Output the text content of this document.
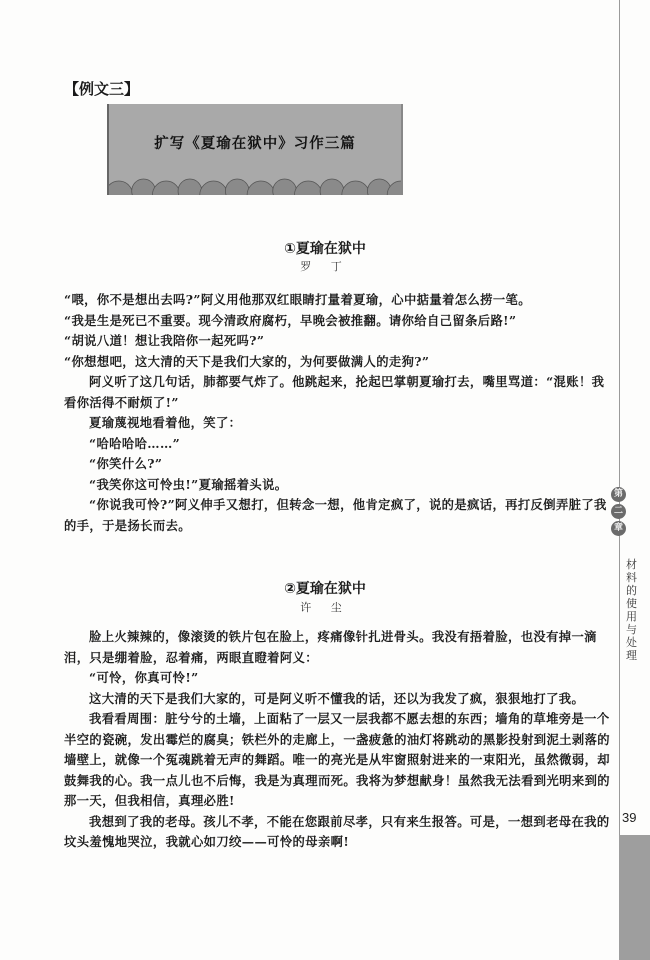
39
第
二
章
材料的使用与处理
【例文三】
扩写《夏瑜在狱中》习作三篇
①夏瑜在狱中
罗 丁

“喂，你不是想出去吗?”阿义用他那双红眼睛打量着夏瑜，心中掂量着怎么捞一笔。

“我是生是死已不重要。现今清政府腐朽，早晚会被推翻。请你给自己留条后路!”

“胡说八道！想让我陪你一起死吗?”

“你想想吧，这大清的天下是我们大家的，为何要做满人的走狗?”

阿义听了这几句话，肺都要气炸了。他跳起来，抡起巴掌朝夏瑜打去，嘴里骂道：“混账！我看你活得不耐烦了!”

夏瑜蔑视地看着他，笑了：

“哈哈哈哈……”

“你笑什么?”

“我笑你这可怜虫!”夏瑜摇着头说。

“你说我可怜?”阿义伸手又想打，但转念一想，他肯定疯了，说的是疯话，再打反倒弄脏了我的手，于是扬长而去。

②夏瑜在狱中
许 尘

脸上火辣辣的，像滚烫的铁片包在脸上，疼痛像针扎进骨头。我没有捂着脸，也没有掉一滴泪，只是绷着脸，忍着痛，两眼直瞪着阿义：

“可怜，你真可怜!”

这大清的天下是我们大家的，可是阿义听不懂我的话，还以为我发了疯，狠狠地打了我。

我看看周围：脏兮兮的土墙，上面粘了一层又一层我都不愿去想的东西；墙角的草堆旁是一个半空的瓷碗，发出霉烂的腐臭；铁栏外的走廊上，一盏疲惫的油灯将跳动的黑影投射到泥土剥落的墙壁上，就像一个冤魂跳着无声的舞蹈。唯一的亮光是从牢窗照射进来的一束阳光，虽然微弱，却鼓舞我的心。我一点儿也不后悔，我是为真理而死。我将为梦想献身！虽然我无法看到光明来到的那一天，但我相信，真理必胜!

我想到了我的老母。孩儿不孝，不能在您跟前尽孝，只有来生报答。可是，一想到老母在我的坟头羞愧地哭泣，我就心如刀绞——可怜的母亲啊!
